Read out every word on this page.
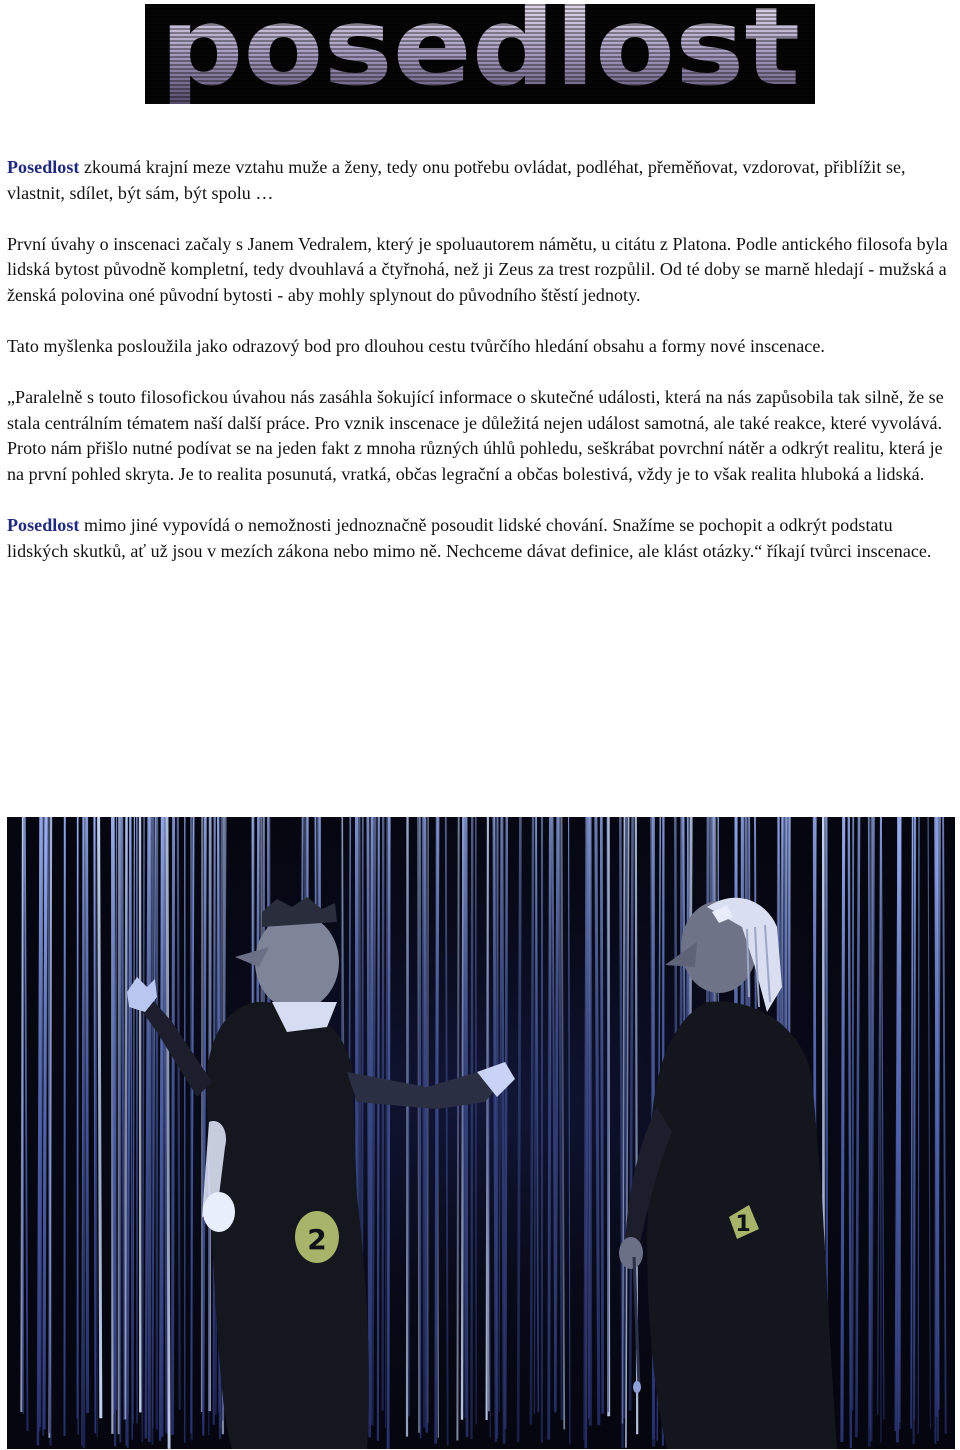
Posedlost zkoumá krajní meze vztahu muže a ženy, tedy onu potřebu ovládat, podléhat, přeměňovat, vzdorovat, přiblížit se, vlastnit, sdílet, být sám, být spolu …

První úvahy o inscenaci začaly s Janem Vedralem, který je spoluautorem námětu, u citátu z Platona. Podle antického filosofa byla lidská bytost původně kompletní, tedy dvouhlavá a čtyřnohá, než ji Zeus za trest rozpůlil. Od té doby se marně hledají - mužská a ženská polovina oné původní bytosti - aby mohly splynout do původního štěstí jednoty.

Tato myšlenka posloužila jako odrazový bod pro dlouhou cestu tvůrčího hledání obsahu a formy nové inscenace.

„Paralelně s touto filosofickou úvahou nás zasáhla šokující informace o skutečné události, která na nás zapůsobila tak silně, že se stala centrálním tématem naší další práce. Pro vznik inscenace je důležitá nejen událost samotná, ale také reakce, které vyvolává.

Proto nám přišlo nutné podívat se na jeden fakt z mnoha různých úhlů pohledu, seškrábat povrchní nátěr a odkrýt realitu, která je na první pohled skryta. Je to realita posunutá, vratká, občas legrační a občas bolestivá, vždy je to však realita hluboká a lidská.

Posedlost mimo jiné vypovídá o nemožnosti jednoznačně posoudit lidské chování. Snažíme se pochopit a odkrýt podstatu lidských skutků, ať už jsou v mezích zákona nebo mimo ně. Nechceme dávat definice, ale klást otázky.“ říkají tvůrci inscenace.

2	1
